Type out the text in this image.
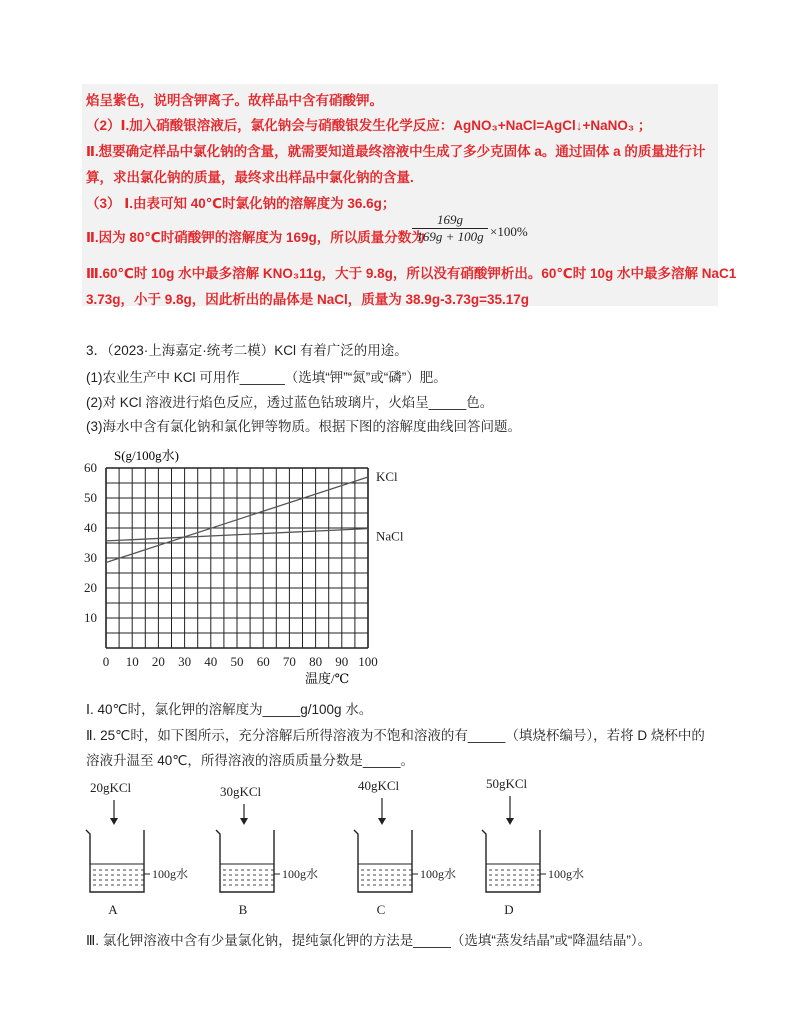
焰呈紫色，说明含钾离子。故样品中含有硝酸钾。
（2）Ⅰ.加入硝酸银溶液后，氯化钠会与硝酸银发生化学反应：AgNO₃+NaCl=AgCl↓+NaNO₃ ；
Ⅱ.想要确定样品中氯化钠的含量，就需要知道最终溶液中生成了多少克固体 a。通过固体 a 的质量进行计
算，求出氯化钠的质量，最终求出样品中氯化钠的含量.
（3） Ⅰ.由表可知 40℃时氯化钠的溶解度为 36.6g；
Ⅱ.因为 80℃时硝酸钾的溶解度为 169g，所以质量分数为
169g
169g + 100g ×100%
Ⅲ.60℃时 10g 水中最多溶解 KNO₃11g，大于 9.8g，所以没有硝酸钾析出。60℃时 10g 水中最多溶解 NaC1
3.73g，小于 9.8g，因此析出的晶体是 NaCl，质量为 38.9g-3.73g=35.17g
3．（2023·上海嘉定·统考二模）KCl 有着广泛的用途。
(1)农业生产中 KCl 可用作______（选填“钾”“氮”或“磷”）肥。
(2)对 KCl 溶液进行焰色反应，透过蓝色钴玻璃片，火焰呈_____色。
(3)海水中含有氯化钠和氯化钾等物质。根据下图的溶解度曲线回答问题。
S(g/100g水)
KCl
NaCl
0 10 20 30 40 50 60 70 80 90 100
10
20
30
40
50
60
温度/℃
Ⅰ. 40℃时，氯化钾的溶解度为_____g/100g 水。
Ⅱ. 25℃时，如下图所示，充分溶解后所得溶液为不饱和溶液的有_____（填烧杯编号），若将 D 烧杯中的
溶液升温至 40℃，所得溶液的溶质质量分数是_____。
20gKCl
100g水
A
30gKCl
100g水
B
40gKCl
100g水
C
50gKCl
100g水
D
Ⅲ. 氯化钾溶液中含有少量氯化钠，提纯氯化钾的方法是_____（选填“蒸发结晶”或“降温结晶”）。
